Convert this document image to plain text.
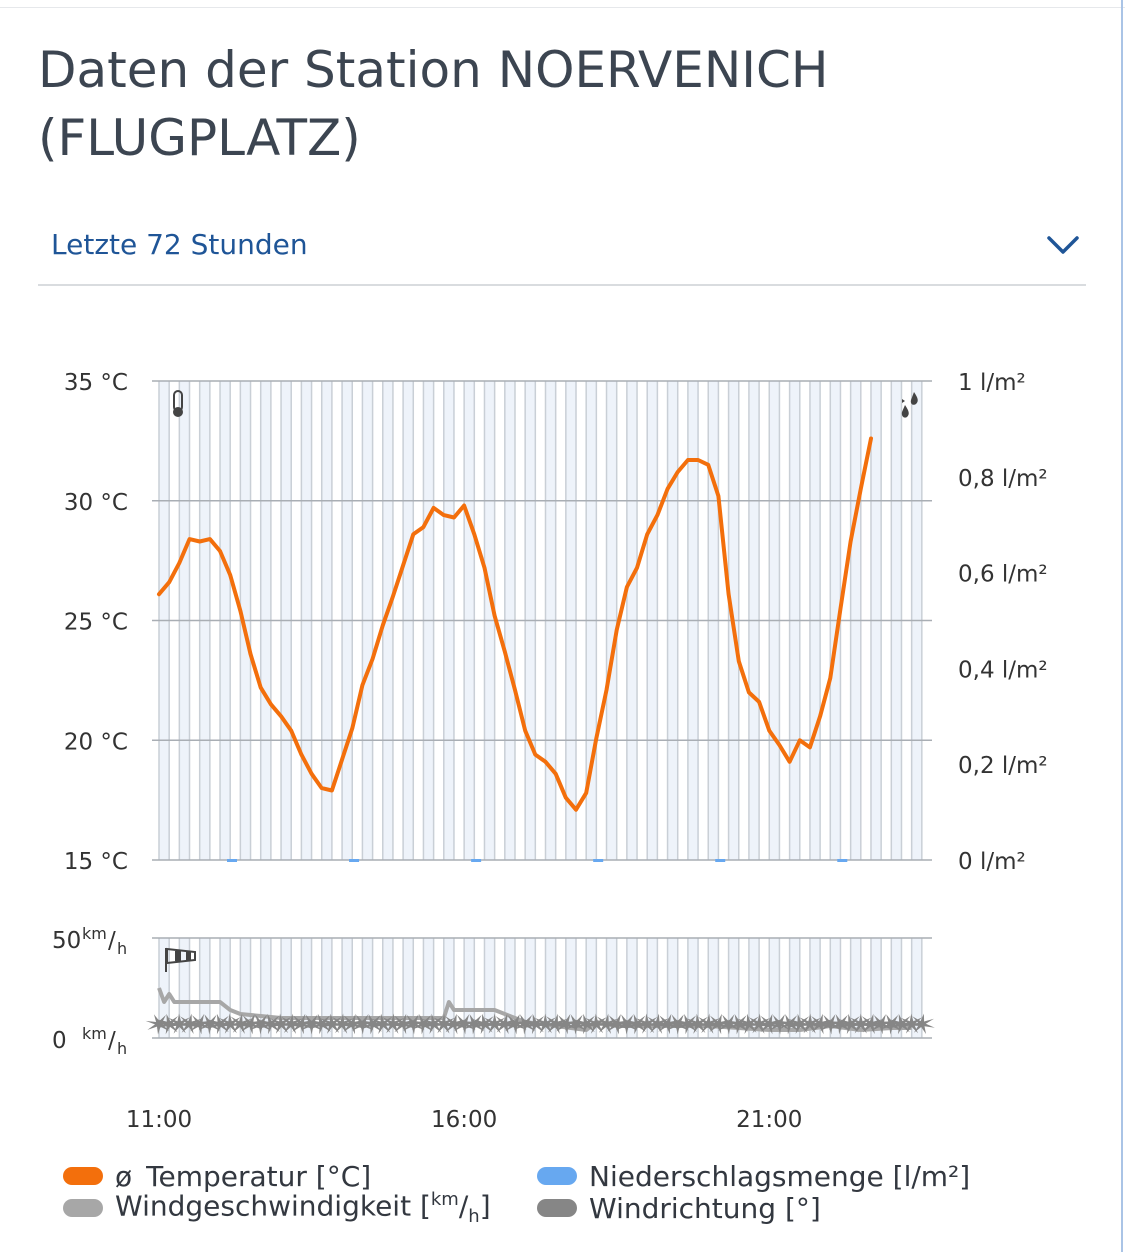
Daten der Station NOERVENICH (FLUGPLATZ)
Letzte 72 Stunden
15 °C
20 °C
25 °C
30 °C
35 °C
0 l/m²
0,2 l/m²
0,4 l/m²
0,6 l/m²
0,8 l/m²
1 l/m²
0 km / h
50 km / h
11:00	16:00	21:00
ø Temperatur [°C]	Niederschlagsmenge [l/m²]
Windgeschwindigkeit $[^{km}/_h]$	Windrichtung [°]
